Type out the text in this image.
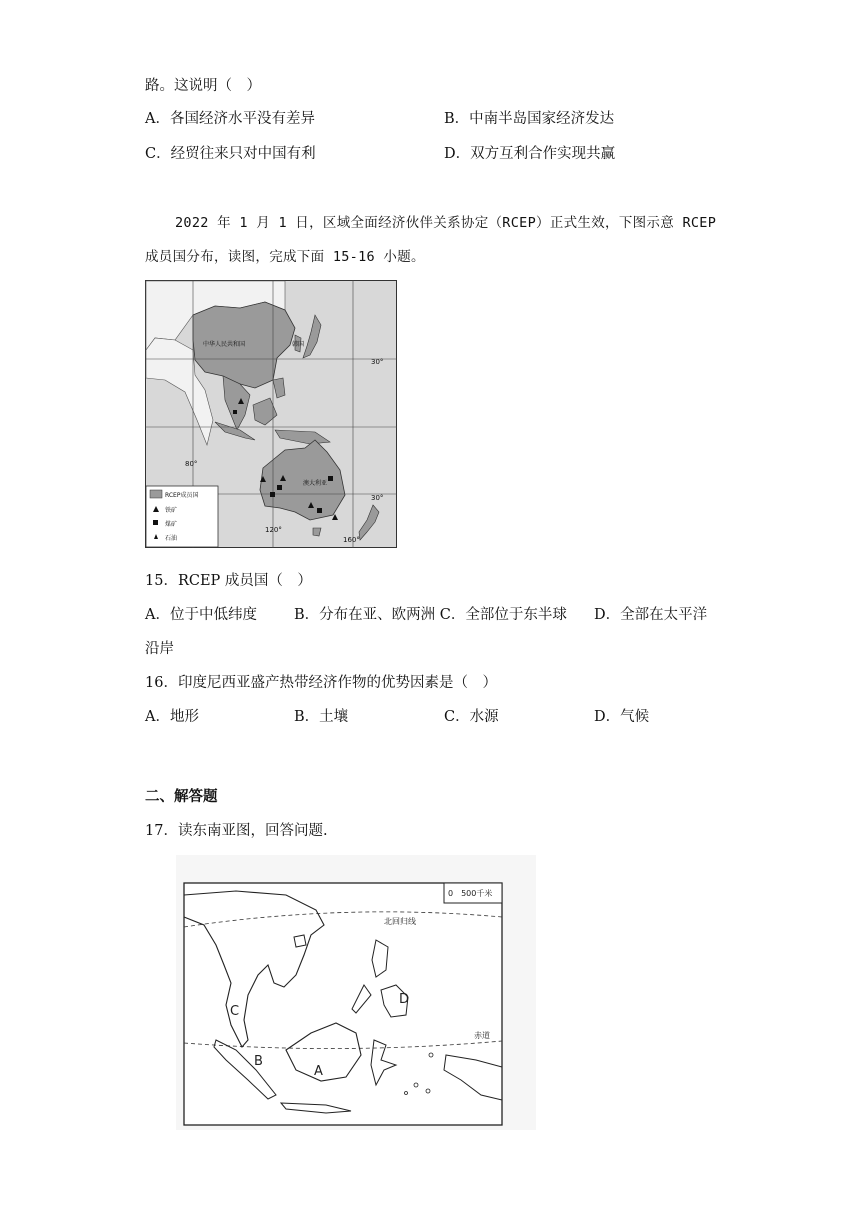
路。这说明（　）
A．各国经济水平没有差异	B．中南半岛国家经济发达
C．经贸往来只对中国有利	D．双方互利合作实现共赢
2022 年 1 月 1 日，区域全面经济伙伴关系协定（RCEP）正式生效，下图示意 RCEP
成员国分布，读图，完成下面 15-16 小题。
中华人民共和国	韩国
澳大利亚
30°
30°
80°
120°
160°
RCEP成员国
铁矿
煤矿
石油
15．RCEP 成员国（　）
A．位于中低纬度	B．分布在亚、欧两洲 C．全部位于东半球 D．全部在太平洋
沿岸
16．印度尼西亚盛产热带经济作物的优势因素是（　）
A．地形	B．土壤	C．水源	D．气候
二、解答题
17．读东南亚图，回答问题.
0　500千米
北回归线
赤道
A
B
C
D
